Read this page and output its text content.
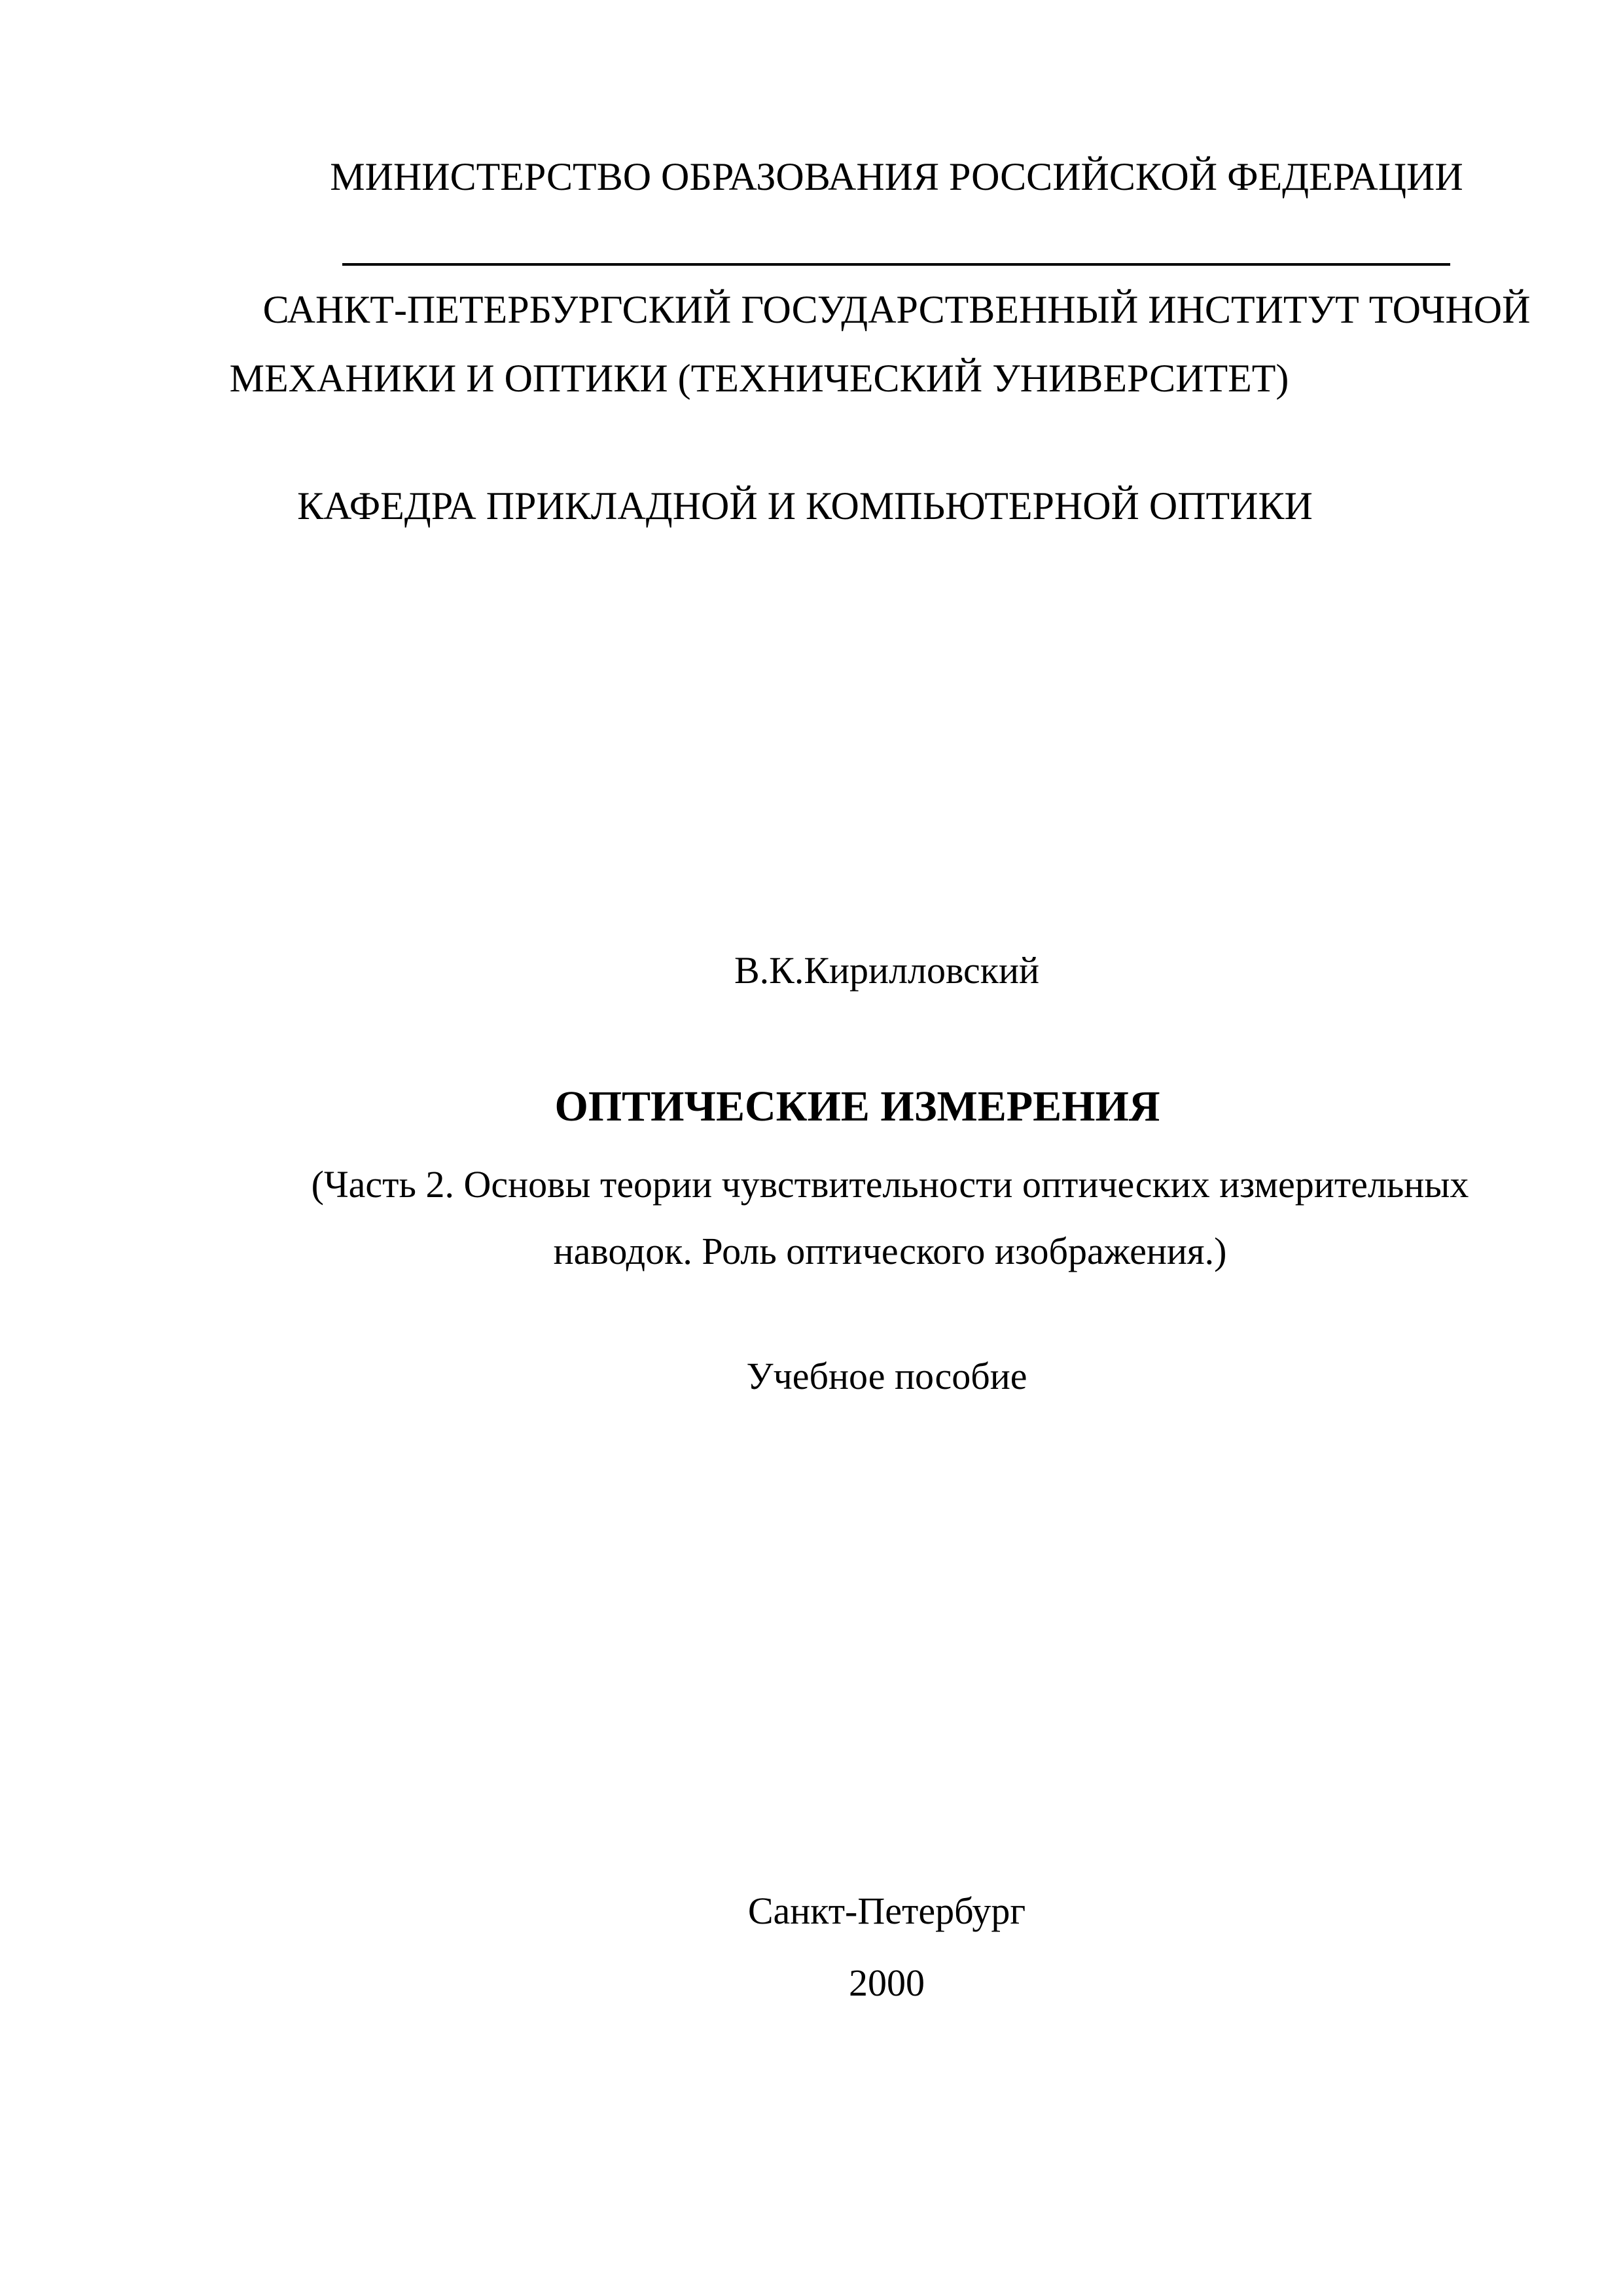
МИНИСТЕРСТВО ОБРАЗОВАНИЯ РОССИЙСКОЙ ФЕДЕРАЦИИ
САНКТ-ПЕТЕРБУРГСКИЙ ГОСУДАРСТВЕННЫЙ ИНСТИТУТ ТОЧНОЙ
МЕХАНИКИ И ОПТИКИ (ТЕХНИЧЕСКИЙ УНИВЕРСИТЕТ)
КАФЕДРА ПРИКЛАДНОЙ И КОМПЬЮТЕРНОЙ ОПТИКИ
В.К.Кирилловский
ОПТИЧЕСКИЕ ИЗМЕРЕНИЯ
(Часть 2. Основы теории чувствительности оптических измерительных
наводок. Роль оптического изображения.)
Учебное пособие
Санкт-Петербург
2000
